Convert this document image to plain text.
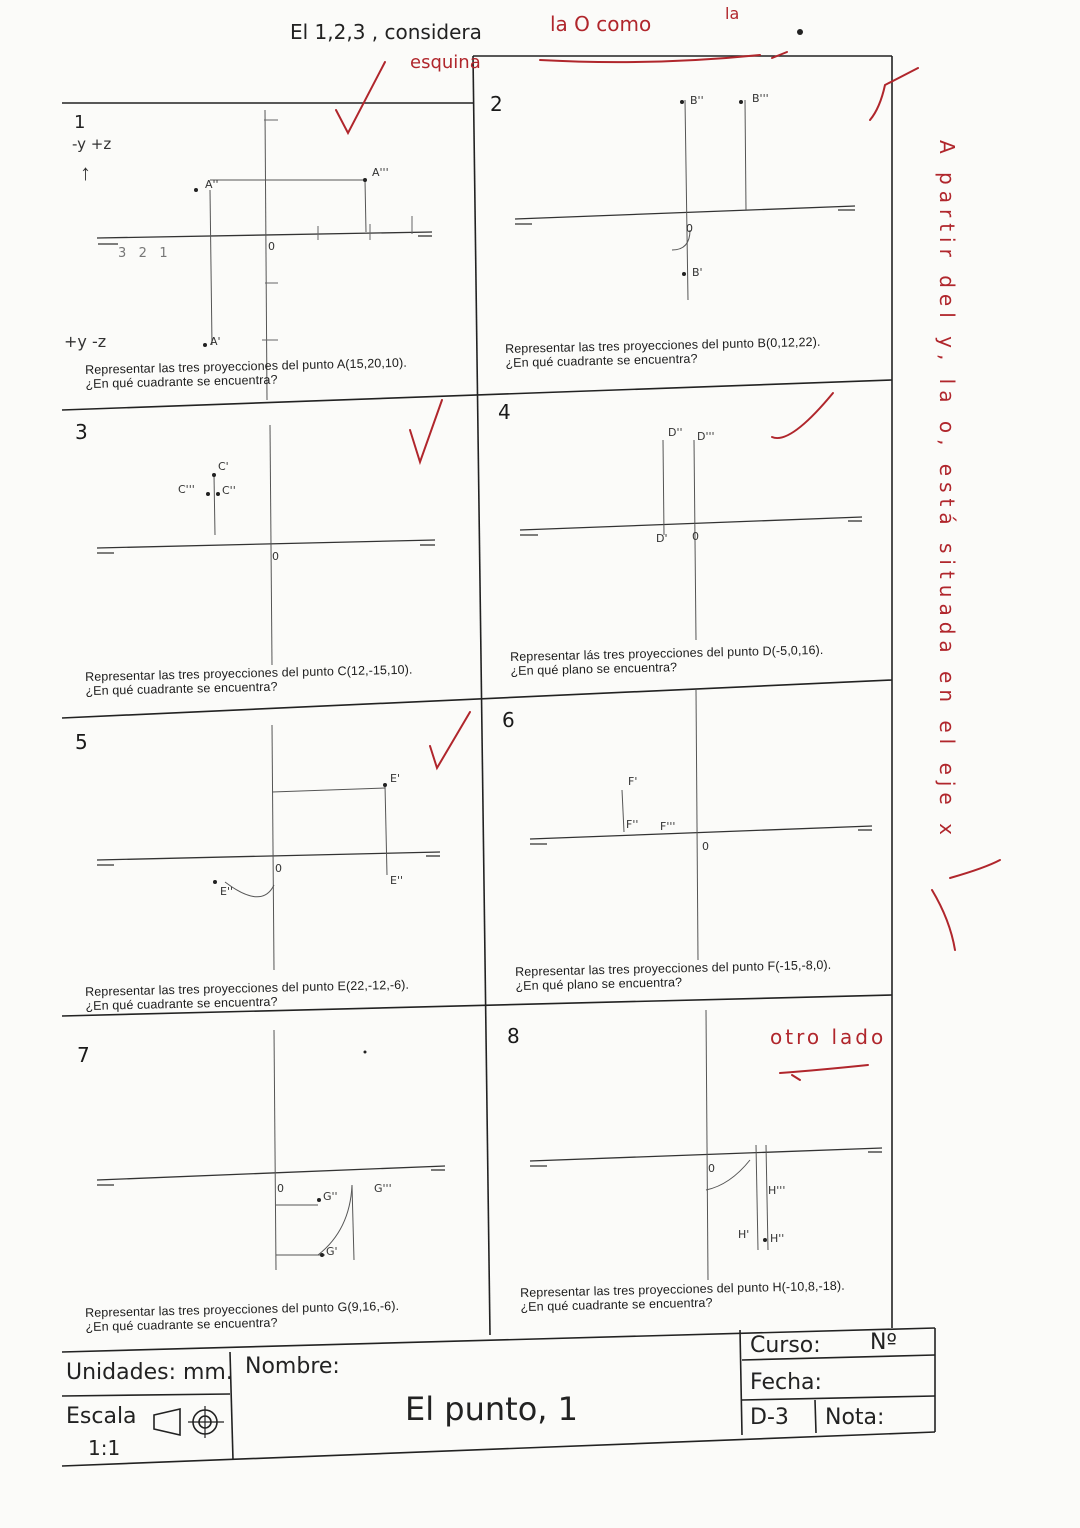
El 1,2,3 , considera	la O como	la
esquina
A partir del y, la o, está situada en el eje x
otro lado
-y +z
1
↑
+y -z
3   2   1
2
3
4
5
6
7
8
Representar las tres proyecciones del punto A(15,20,10).
¿En qué cuadrante se encuentra?
Representar las tres proyecciones del punto B(0,12,22).
¿En qué cuadrante se encuentra?
Representar las tres proyecciones del punto C(12,-15,10).
¿En qué cuadrante se encuentra?
Representar lás tres proyecciones del punto D(-5,0,16).
¿En qué plano se encuentra?
Representar las tres proyecciones del punto E(22,-12,-6).
¿En qué cuadrante se encuentra?
Representar las tres proyecciones del punto F(-15,-8,0).
¿En qué plano se encuentra?
Representar las tres proyecciones del punto G(9,16,-6).
¿En qué cuadrante se encuentra?
Representar las tres proyecciones del punto H(-10,8,-18).
¿En qué cuadrante se encuentra?
0
A''
A'''
A'
0
B''	B'''
B'
0
C'
C''
C'''
0
D'' D'''
D'
0
E'
E''
E''
0
F'
F'' F'''
0
G''
G'''
G'
0
H'''
H' H''
Unidades: mm. Nombre:
Escala
1:1
El punto, 1
Curso: Nº
Fecha:
D-3 Nota:
